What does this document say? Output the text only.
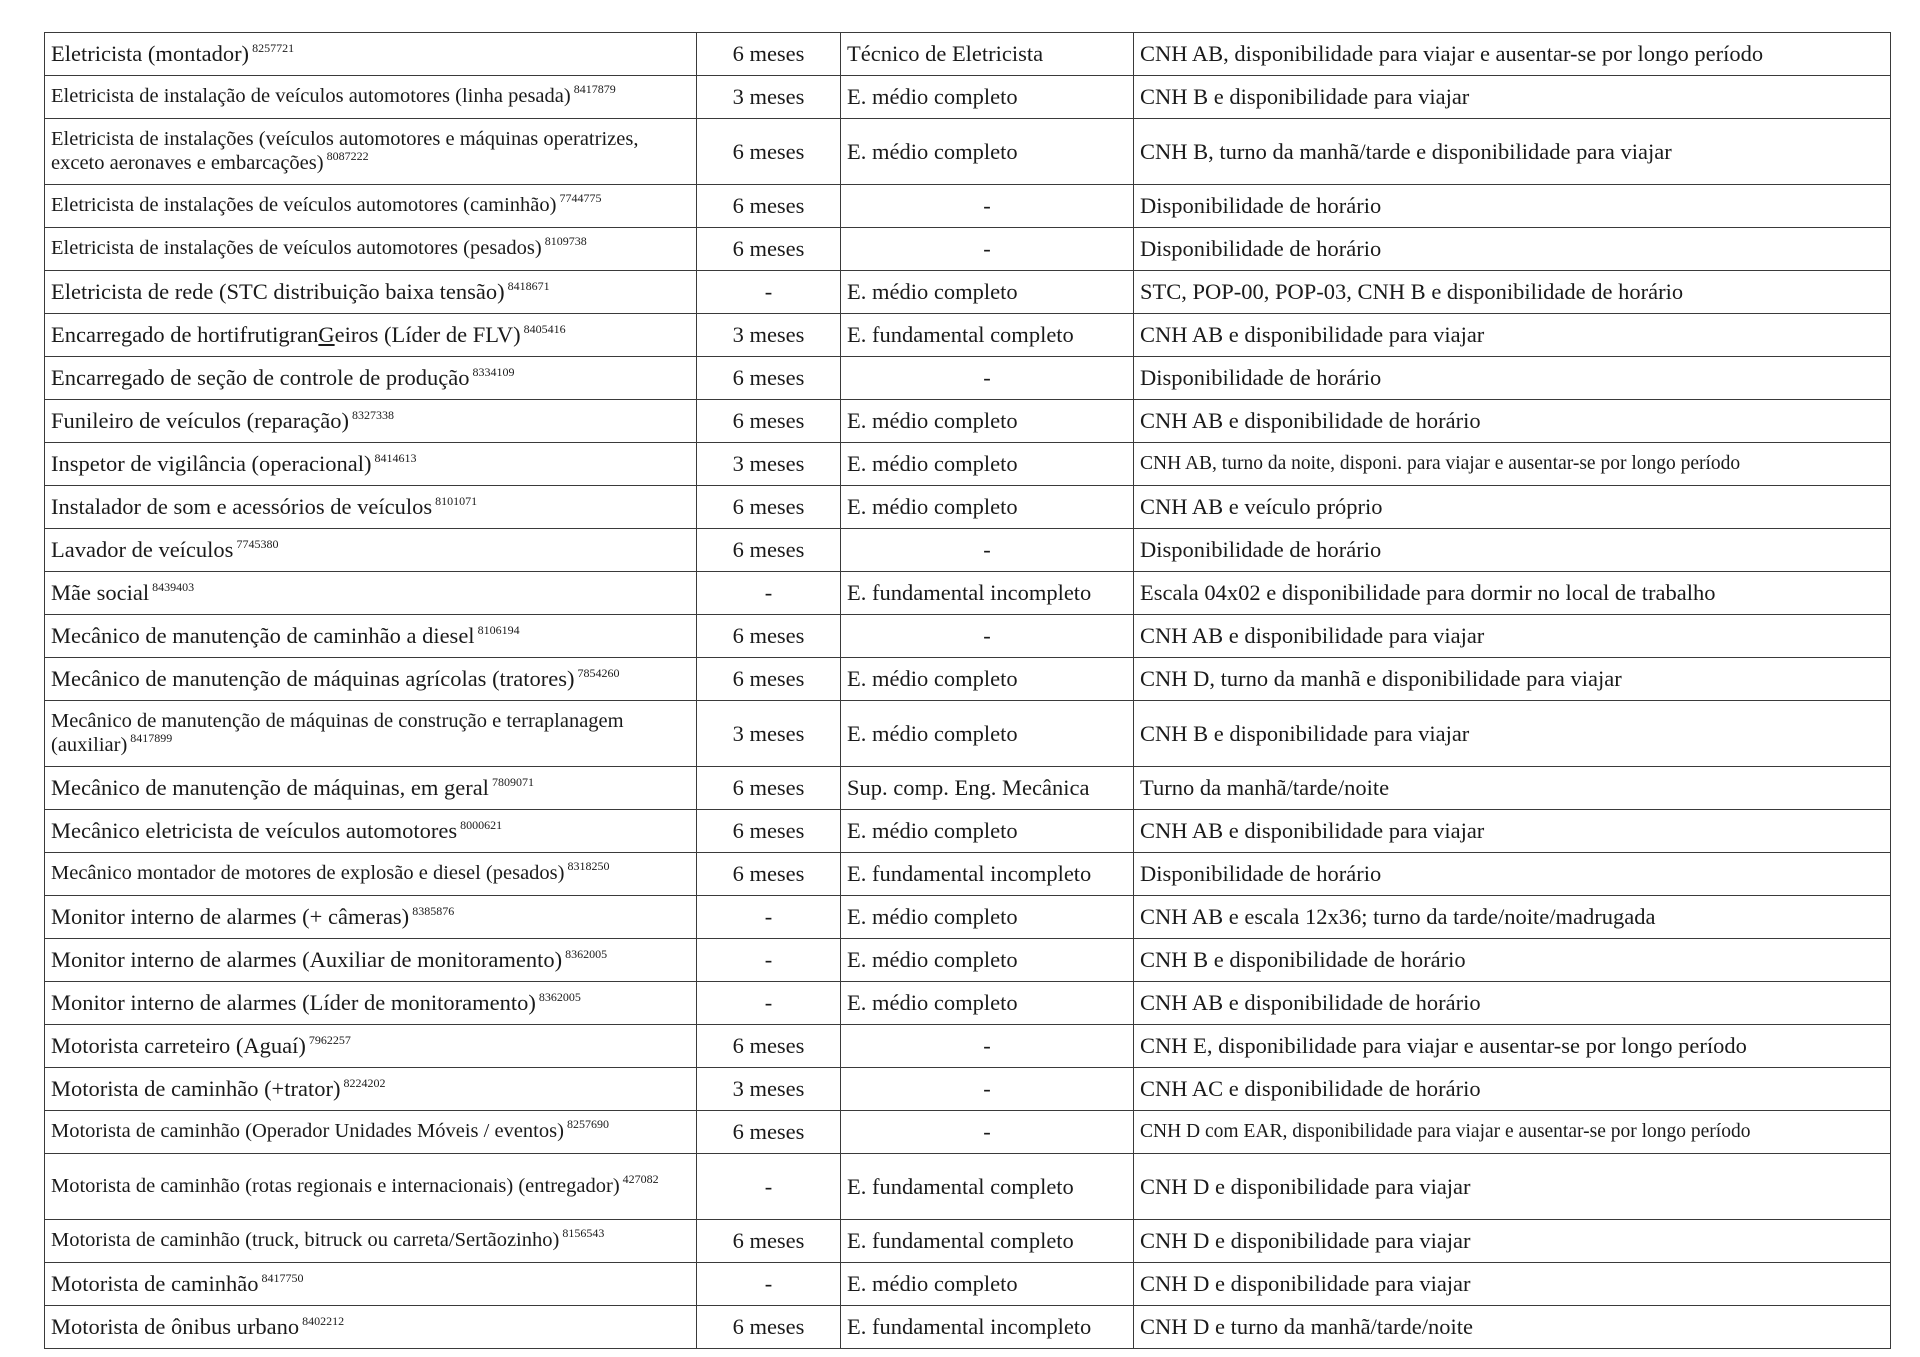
Eletricista (montador) $^{8257721}$	6 meses	Técnico de Eletricista	CNH AB, disponibilidade para viajar e ausentar-se por longo período
Eletricista de instalação de veículos automotores (linha pesada) $^{8417879}$	3 meses	E. médio completo	CNH B e disponibilidade para viajar
Eletricista de instalações (veículos automotores e máquinas operatrizes, exceto aeronaves e embarcações) $^{8087222}$	6 meses	E. médio completo	CNH B, turno da manhã/tarde e disponibilidade para viajar
Eletricista de instalações de veículos automotores (caminhão) $^{7744775}$	6 meses	-	Disponibilidade de horário
Eletricista de instalações de veículos automotores (pesados) $^{8109738}$	6 meses	-	Disponibilidade de horário
Eletricista de rede (STC distribuição baixa tensão) $^{8418671}$	-	E. médio completo	STC, POP-00, POP-03, CNH B e disponibilidade de horário
Encarregado de hortifrutigranGeiros (Líder de FLV) $^{8405416}$	3 meses	E. fundamental completo	CNH AB e disponibilidade para viajar
Encarregado de seção de controle de produção $^{8334109}$	6 meses	-	Disponibilidade de horário
Funileiro de veículos (reparação) $^{8327338}$	6 meses	E. médio completo	CNH AB e disponibilidade de horário
Inspetor de vigilância (operacional) $^{8414613}$	3 meses	E. médio completo	CNH AB, turno da noite, disponi. para viajar e ausentar-se por longo período
Instalador de som e acessórios de veículos $^{8101071}$	6 meses	E. médio completo	CNH AB e veículo próprio
Lavador de veículos $^{7745380}$	6 meses	-	Disponibilidade de horário
Mãe social $^{8439403}$	-	E. fundamental incompleto	Escala 04x02 e disponibilidade para dormir no local de trabalho
Mecânico de manutenção de caminhão a diesel $^{8106194}$	6 meses	-	CNH AB e disponibilidade para viajar
Mecânico de manutenção de máquinas agrícolas (tratores) $^{7854260}$	6 meses	E. médio completo	CNH D, turno da manhã e disponibilidade para viajar
Mecânico de manutenção de máquinas de construção e terraplanagem (auxiliar) $^{8417899}$	3 meses	E. médio completo	CNH B e disponibilidade para viajar
Mecânico de manutenção de máquinas, em geral $^{7809071}$	6 meses	Sup. comp. Eng. Mecânica	Turno da manhã/tarde/noite
Mecânico eletricista de veículos automotores $^{8000621}$	6 meses	E. médio completo	CNH AB e disponibilidade para viajar
Mecânico montador de motores de explosão e diesel (pesados) $^{8318250}$	6 meses	E. fundamental incompleto	Disponibilidade de horário
Monitor interno de alarmes (+ câmeras) $^{8385876}$	-	E. médio completo	CNH AB e escala 12x36; turno da tarde/noite/madrugada
Monitor interno de alarmes (Auxiliar de monitoramento) $^{8362005}$	-	E. médio completo	CNH B e disponibilidade de horário
Monitor interno de alarmes (Líder de monitoramento) $^{8362005}$	-	E. médio completo	CNH AB e disponibilidade de horário
Motorista carreteiro (Aguaí) $^{7962257}$	6 meses	-	CNH E, disponibilidade para viajar e ausentar-se por longo período
Motorista de caminhão (+trator) $^{8224202}$	3 meses	-	CNH AC e disponibilidade de horário
Motorista de caminhão (Operador Unidades Móveis / eventos) $^{8257690}$	6 meses	-	CNH D com EAR, disponibilidade para viajar e ausentar-se por longo período
Motorista de caminhão (rotas regionais e internacionais) (entregador) $^{427082}$	-	E. fundamental completo	CNH D e disponibilidade para viajar
Motorista de caminhão (truck, bitruck ou carreta/Sertãozinho) $^{8156543}$	6 meses	E. fundamental completo	CNH D e disponibilidade para viajar
Motorista de caminhão $^{8417750}$	-	E. médio completo	CNH D e disponibilidade para viajar
Motorista de ônibus urbano $^{8402212}$	6 meses	E. fundamental incompleto	CNH D e turno da manhã/tarde/noite
